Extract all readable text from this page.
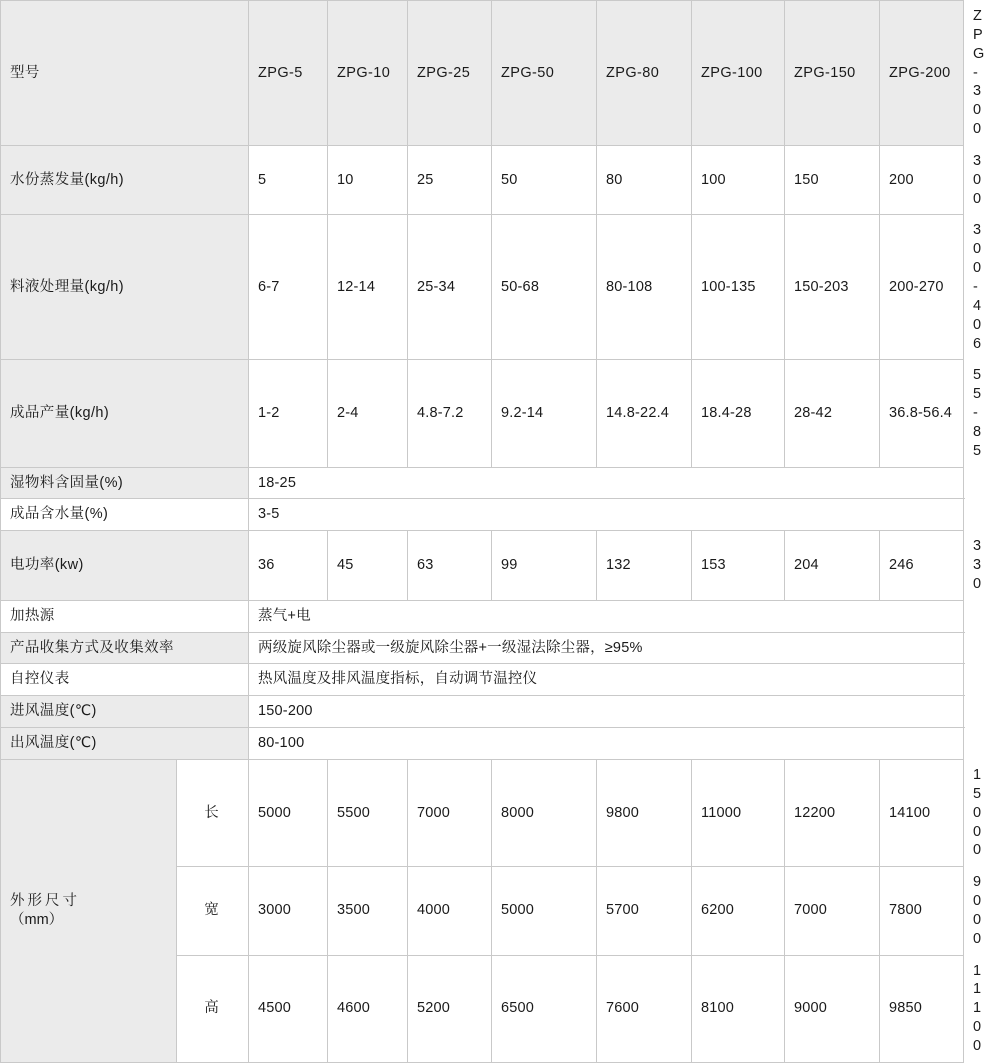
型号		ZPG-5	ZPG-10	ZPG-25	ZPG-50	ZPG-80	ZPG-100	ZPG-150	ZPG-200	ZPG-300
水份蒸发量(kg/h)		5	10	25	50	80	100	150	200	300
料液处理量(kg/h)		6-7	12-14	25-34	50-68	80-108	100-135	150-203	200-270	300-406
成品产量(kg/h)		1-2	2-4	4.8-7.2	9.2-14	14.8-22.4	18.4-28	28-42	36.8-56.4	55-85
湿物料含固量(%)		18-25								
成品含水量(%)		3-5								
电功率(kw)		36	45	63	99	132	153	204	246	330
加热源		蒸气+电								
产品收集方式及收集效率		两级旋风除尘器或一级旋风除尘器+一级湿法除尘器，≥95%								
自控仪表		热风温度及排风温度指标，自动调节温控仪								
进风温度(℃)		150-200								
出风温度(℃)		80-100								
外形尺寸
（mm）	长	5000	5500	7000	8000	9800	11000	12200	14100	15000
	宽	3000	3500	4000	5000	5700	6200	7000	7800	9000
	高	4500	4600	5200	6500	7600	8100	9000	9850	11100
